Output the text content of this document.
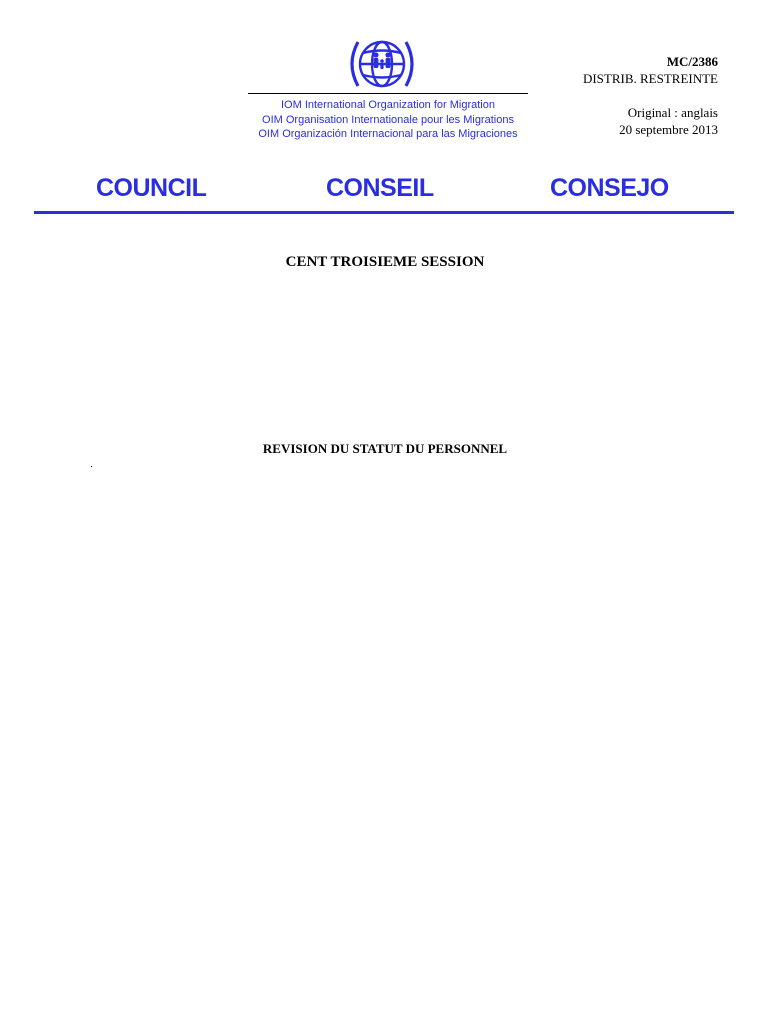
IOM International Organization for Migration
OIM Organisation Internationale pour les Migrations
OIM Organización Internacional para las Migraciones
MC/2386
DISTRIB. RESTREINTE
Original : anglais
20 septembre 2013
COUNCIL	CONSEIL	CONSEJO
CENT TROISIEME SESSION
REVISION DU STATUT DU PERSONNEL
